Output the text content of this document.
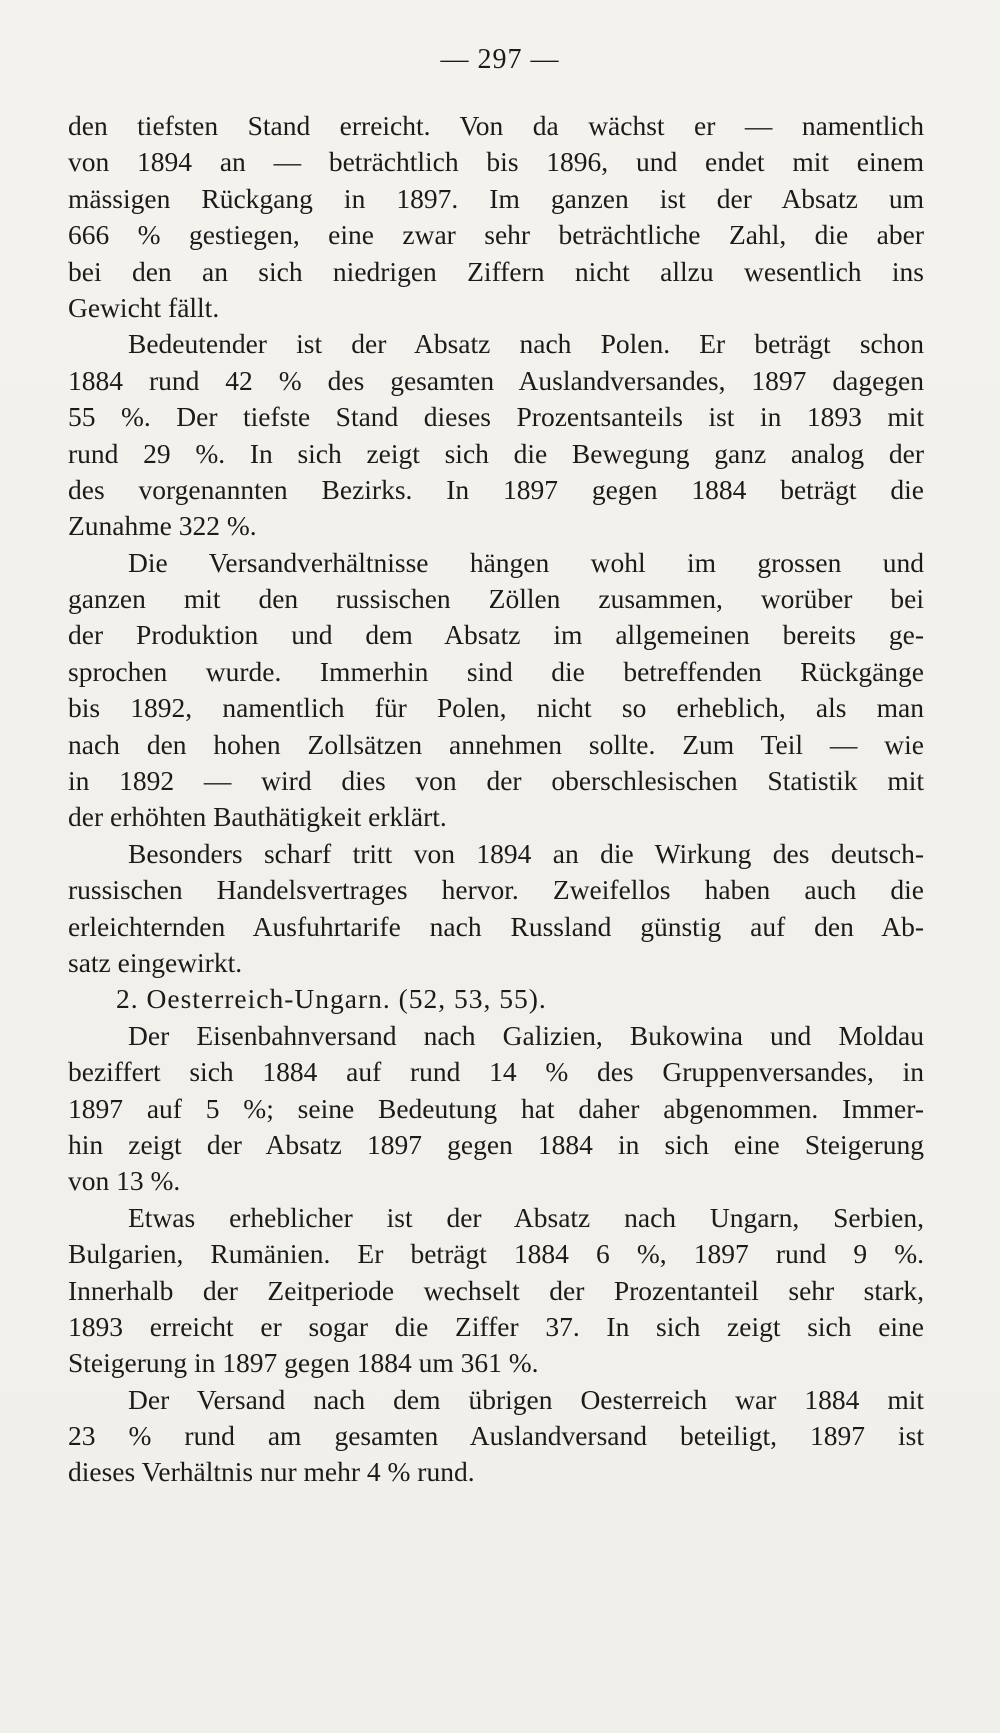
— 297 —
den tiefsten Stand erreicht. Von da wächst er — namentlich
von 1894 an — beträchtlich bis 1896, und endet mit einem
mässigen Rückgang in 1897. Im ganzen ist der Absatz um
666 % gestiegen, eine zwar sehr beträchtliche Zahl, die aber
bei den an sich niedrigen Ziffern nicht allzu wesentlich ins
Gewicht fällt.
Bedeutender ist der Absatz nach Polen. Er beträgt schon
1884 rund 42 % des gesamten Auslandversandes, 1897 dagegen
55 %. Der tiefste Stand dieses Prozentsanteils ist in 1893 mit
rund 29 %. In sich zeigt sich die Bewegung ganz analog der
des vorgenannten Bezirks. In 1897 gegen 1884 beträgt die
Zunahme 322 %.
Die Versandverhältnisse hängen wohl im grossen und
ganzen mit den russischen Zöllen zusammen, worüber bei
der Produktion und dem Absatz im allgemeinen bereits ge-
sprochen wurde. Immerhin sind die betreffenden Rückgänge
bis 1892, namentlich für Polen, nicht so erheblich, als man
nach den hohen Zollsätzen annehmen sollte. Zum Teil — wie
in 1892 — wird dies von der oberschlesischen Statistik mit
der erhöhten Bauthätigkeit erklärt.
Besonders scharf tritt von 1894 an die Wirkung des deutsch-
russischen Handelsvertrages hervor. Zweifellos haben auch die
erleichternden Ausfuhrtarife nach Russland günstig auf den Ab-
satz eingewirkt.
2. Oesterreich-Ungarn. (52, 53, 55).
Der Eisenbahnversand nach Galizien, Bukowina und Moldau
beziffert sich 1884 auf rund 14 % des Gruppenversandes, in
1897 auf 5 %; seine Bedeutung hat daher abgenommen. Immer-
hin zeigt der Absatz 1897 gegen 1884 in sich eine Steigerung
von 13 %.
Etwas erheblicher ist der Absatz nach Ungarn, Serbien,
Bulgarien, Rumänien. Er beträgt 1884 6 %, 1897 rund 9 %.
Innerhalb der Zeitperiode wechselt der Prozentanteil sehr stark,
1893 erreicht er sogar die Ziffer 37. In sich zeigt sich eine
Steigerung in 1897 gegen 1884 um 361 %.
Der Versand nach dem übrigen Oesterreich war 1884 mit
23 % rund am gesamten Auslandversand beteiligt, 1897 ist
dieses Verhältnis nur mehr 4 % rund.
